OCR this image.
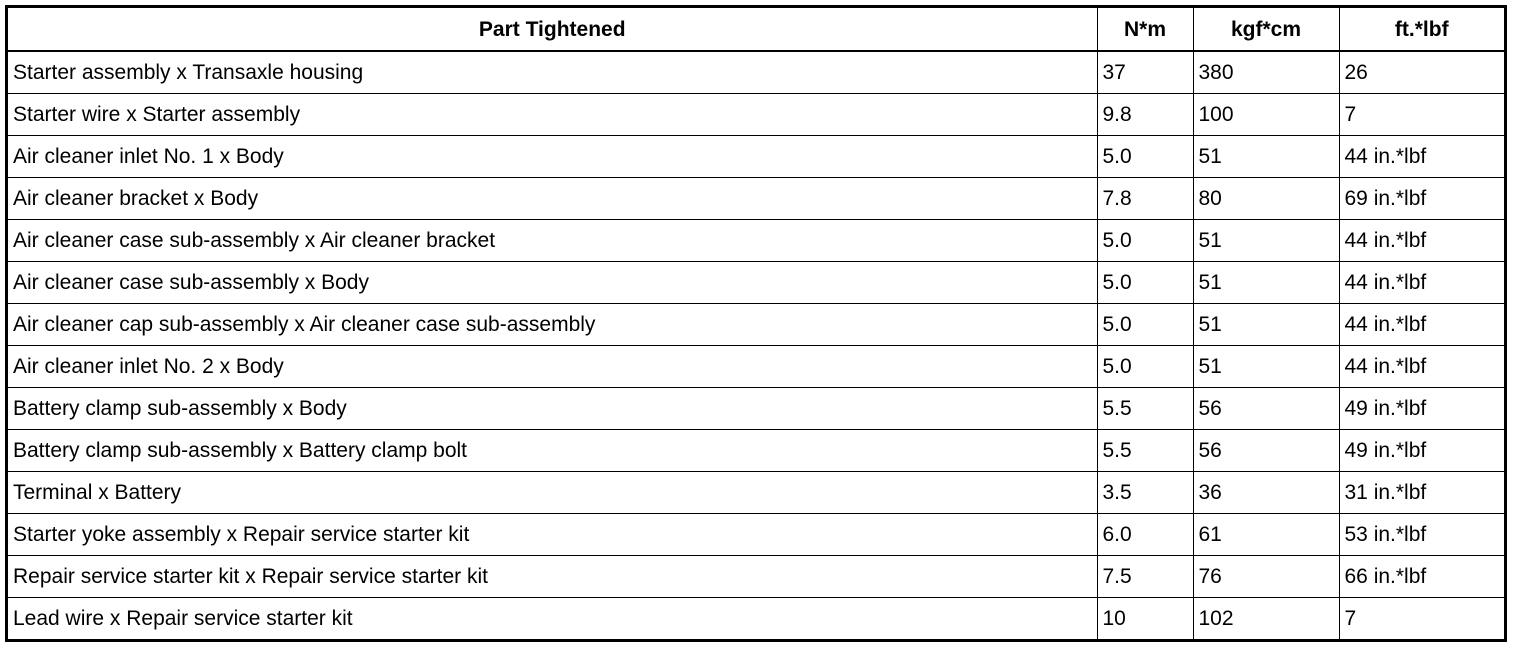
Part Tightened	N*m	kgf*cm	ft.*lbf
Starter assembly x Transaxle housing	37	380	26
Starter wire x Starter assembly	9.8	100	7
Air cleaner inlet No. 1 x Body	5.0	51	44 in.*lbf
Air cleaner bracket x Body	7.8	80	69 in.*lbf
Air cleaner case sub-assembly x Air cleaner bracket	5.0	51	44 in.*lbf
Air cleaner case sub-assembly x Body	5.0	51	44 in.*lbf
Air cleaner cap sub-assembly x Air cleaner case sub-assembly	5.0	51	44 in.*lbf
Air cleaner inlet No. 2 x Body	5.0	51	44 in.*lbf
Battery clamp sub-assembly x Body	5.5	56	49 in.*lbf
Battery clamp sub-assembly x Battery clamp bolt	5.5	56	49 in.*lbf
Terminal x Battery	3.5	36	31 in.*lbf
Starter yoke assembly x Repair service starter kit	6.0	61	53 in.*lbf
Repair service starter kit x Repair service starter kit	7.5	76	66 in.*lbf
Lead wire x Repair service starter kit	10	102	7
